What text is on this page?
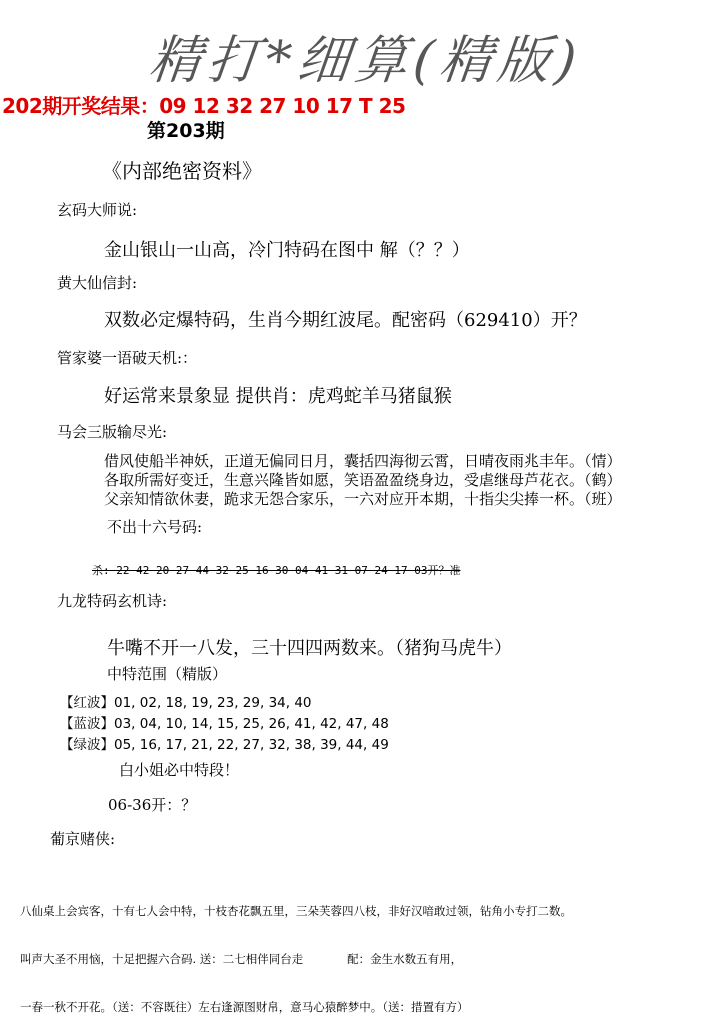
精打*细算(精版)
202期开奖结果：09 12 32 27 10 17 T 25
第203期
《内部绝密资料》
玄码大师说:
金山银山一山高，冷门特码在图中 解（？？）
黄大仙信封:
双数必定爆特码，生肖今期红波尾。配密码（629410）开？
管家婆一语破天机:：
好运常来景象显 提供肖：虎鸡蛇羊马猪鼠猴
马会三版输尽光:
借风使船半神妖，正道无偏同日月，囊括四海彻云霄，日晴夜雨兆丰年。（情）
各取所需好变迁，生意兴隆皆如愿，笑语盈盈绕身边，受虐继母芦花衣。（鹤）
父亲知情欲休妻，跪求无怨合家乐，一六对应开本期，十指尖尖捧一杯。（班）
不出十六号码:
杀: 22 42 20 27 44 32 25 16 30 04 41 31 07 24 17 03开？准
九龙特码玄机诗:
牛嘴不开一八发，三十四四两数来。（猪狗马虎牛）
中特范围（精版）
【红波】01, 02, 18, 19, 23, 29, 34, 40
【蓝波】03, 04, 10, 14, 15, 25, 26, 41, 42, 47, 48
【绿波】05, 16, 17, 21, 22, 27, 32, 38, 39, 44, 49
白小姐必中特段！
06-36开：？
葡京赌侠:

八仙桌上会宾客，十有七人会中特，十枝杏花飘五里，三朵芙蓉四八枝，非好汉喑敢过领，钻角小专打二数。

叫声大圣不用恼，十足把握六合码. 送：二七相伴同台走            配：金生水数五有用，

一春一秋不开花。（送：不容既往）左右逢源图财帛，意马心猿醉梦中。（送：措置有方）
